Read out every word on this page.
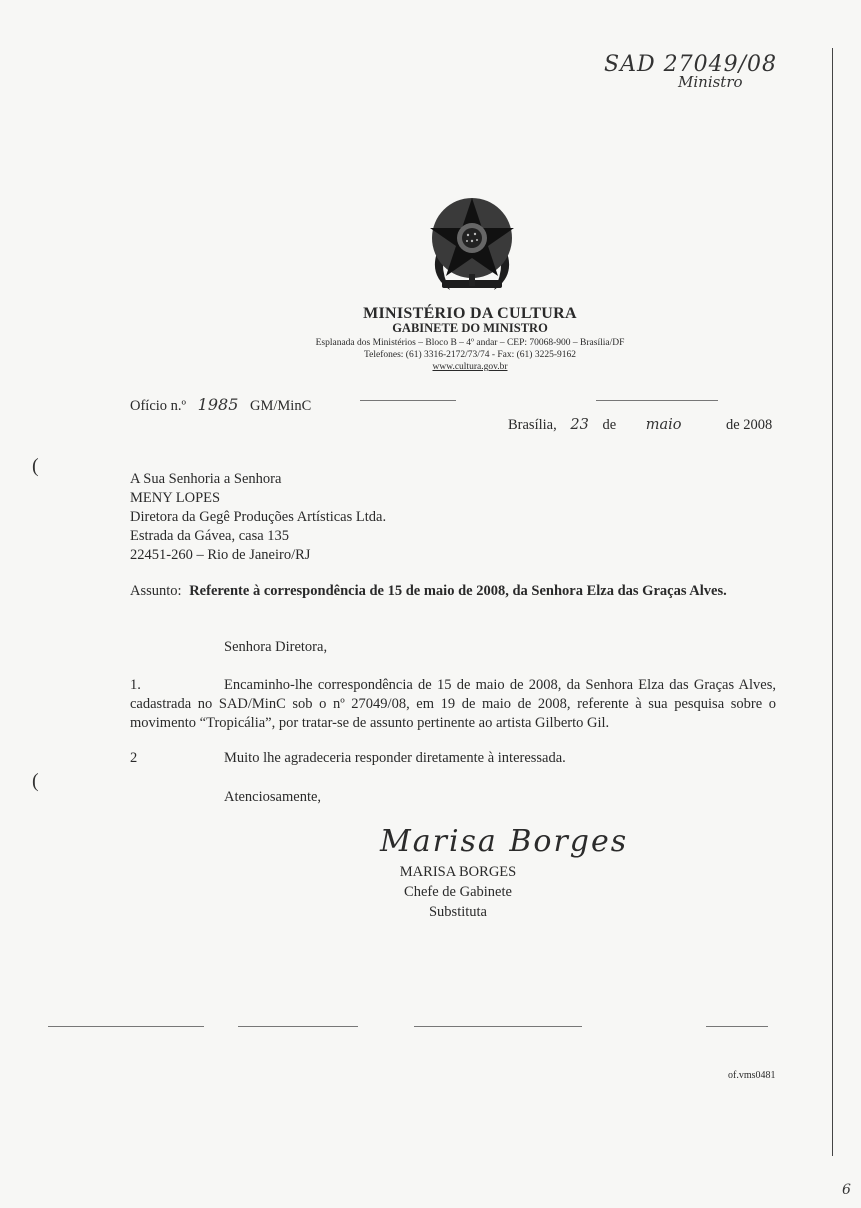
SAD 27049/08
Ministro
MINISTÉRIO DA CULTURA
GABINETE DO MINISTRO
Esplanada dos Ministérios – Bloco B – 4º andar – CEP: 70068-900 – Brasília/DF
Telefones: (61) 3316-2172/73/74 - Fax: (61) 3225-9162
www.cultura.gov.br
Ofício n.º 1985 GM/MinC
Brasília, 23 de maio	de 2008
(
(
A Sua Senhoria a Senhora
MENY LOPES
Diretora da Gegê Produções Artísticas Ltda.
Estrada da Gávea, casa 135
22451-260 – Rio de Janeiro/RJ
Assunto: Referente à correspondência de 15 de maio de 2008, da Senhora Elza das Graças Alves.
Senhora Diretora,
1.	Encaminho-lhe correspondência de 15 de maio de 2008, da Senhora Elza das Graças Alves, cadastrada no SAD/MinC sob o nº 27049/08, em 19 de maio de 2008, referente à sua pesquisa sobre o movimento “Tropicália”, por tratar-se de assunto pertinente ao artista Gilberto Gil.
2	Muito lhe agradeceria responder diretamente à interessada.
Atenciosamente,
Marisa Borges
MARISA BORGES
Chefe de Gabinete
Substituta
of.vms0481
6
